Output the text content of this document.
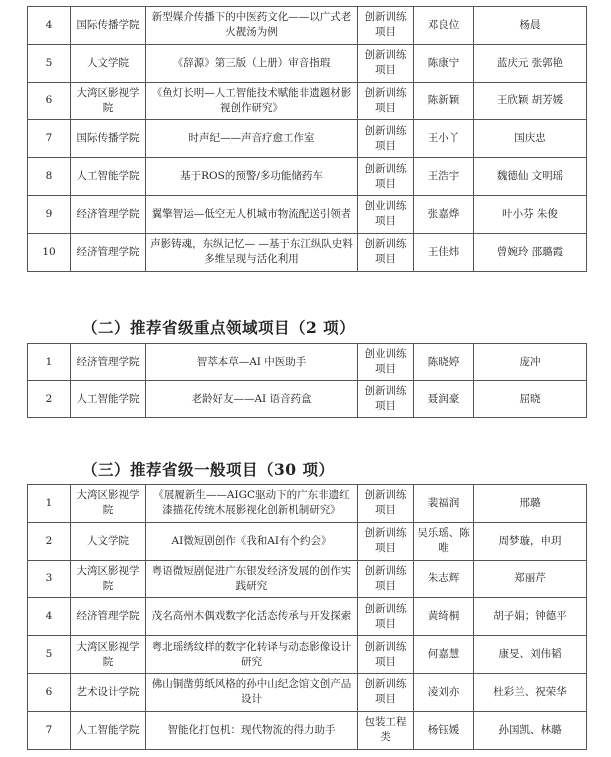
4	国际传播学院	新型媒介传播下的中医药文化——以广式老火靓汤为例	创新训练项目	邓良位	杨晨
5	人文学院	《辞源》第三版（上册）审音指瑕	创新训练项目	陈康宁	蓝庆元 张郭艳
6	大湾区影视学院	《鱼灯长明—人工智能技术赋能非遗题材影视创作研究》	创新训练项目	陈新颖	王欣颖 胡芳媛
7	国际传播学院	时声纪——声音疗愈工作室	创新训练项目	王小丫	国庆忠
8	人工智能学院	基于ROS的预警/多功能储药车	创新训练项目	王浩宇	魏德仙 文明瑶
9	经济管理学院	翼擎智运—低空无人机城市物流配送引领者	创业训练项目	张嘉烨	叶小芬 朱俊
10	经济管理学院	声影铸魂，东纵记忆— —基于东江纵队史料多维呈现与活化利用	创新训练项目	王佳炜	曾婉玲 邵璐霞
（二）推荐省级重点领域项目（2 项）
1	经济管理学院	智萃本草—AI 中医助手	创业训练项目	陈晓婷	庞冲
2	人工智能学院	老龄好友——AI 语音药盒	创新训练项目	聂润豪	屈晓
（三）推荐省级一般项目（30 项）
1	大湾区影视学院	《展履新生——AIGC驱动下的广东非遗红漆描花传统木展影视化创新机制研究》	创新训练项目	裴福润	邢璐
2	人文学院	AI微短剧创作《我和AI有个约会》	创新训练项目	吴乐瑶、陈唯	周梦璇，申玥
3	大湾区影视学院	粤语微短剧促进广东银发经济发展的创作实践研究	创新训练项目	朱志辉	郑丽芹
4	经济管理学院	茂名高州木偶戏数字化活态传承与开发探索	创新训练项目	黄绮桐	胡子娟；钟德平
5	大湾区影视学院	粤北瑶绣纹样的数字化转译与动态影像设计研究	创新训练项目	何嘉慧	康旻、刘伟韬
6	艺术设计学院	佛山铜凿剪纸风格的孙中山纪念馆文创产品设计	创新训练项目	凌刘亦	杜彩兰、祝荣华
7	人工智能学院	智能化打包机：现代物流的得力助手	包装工程类	杨钰媛	孙国凯、林璐
